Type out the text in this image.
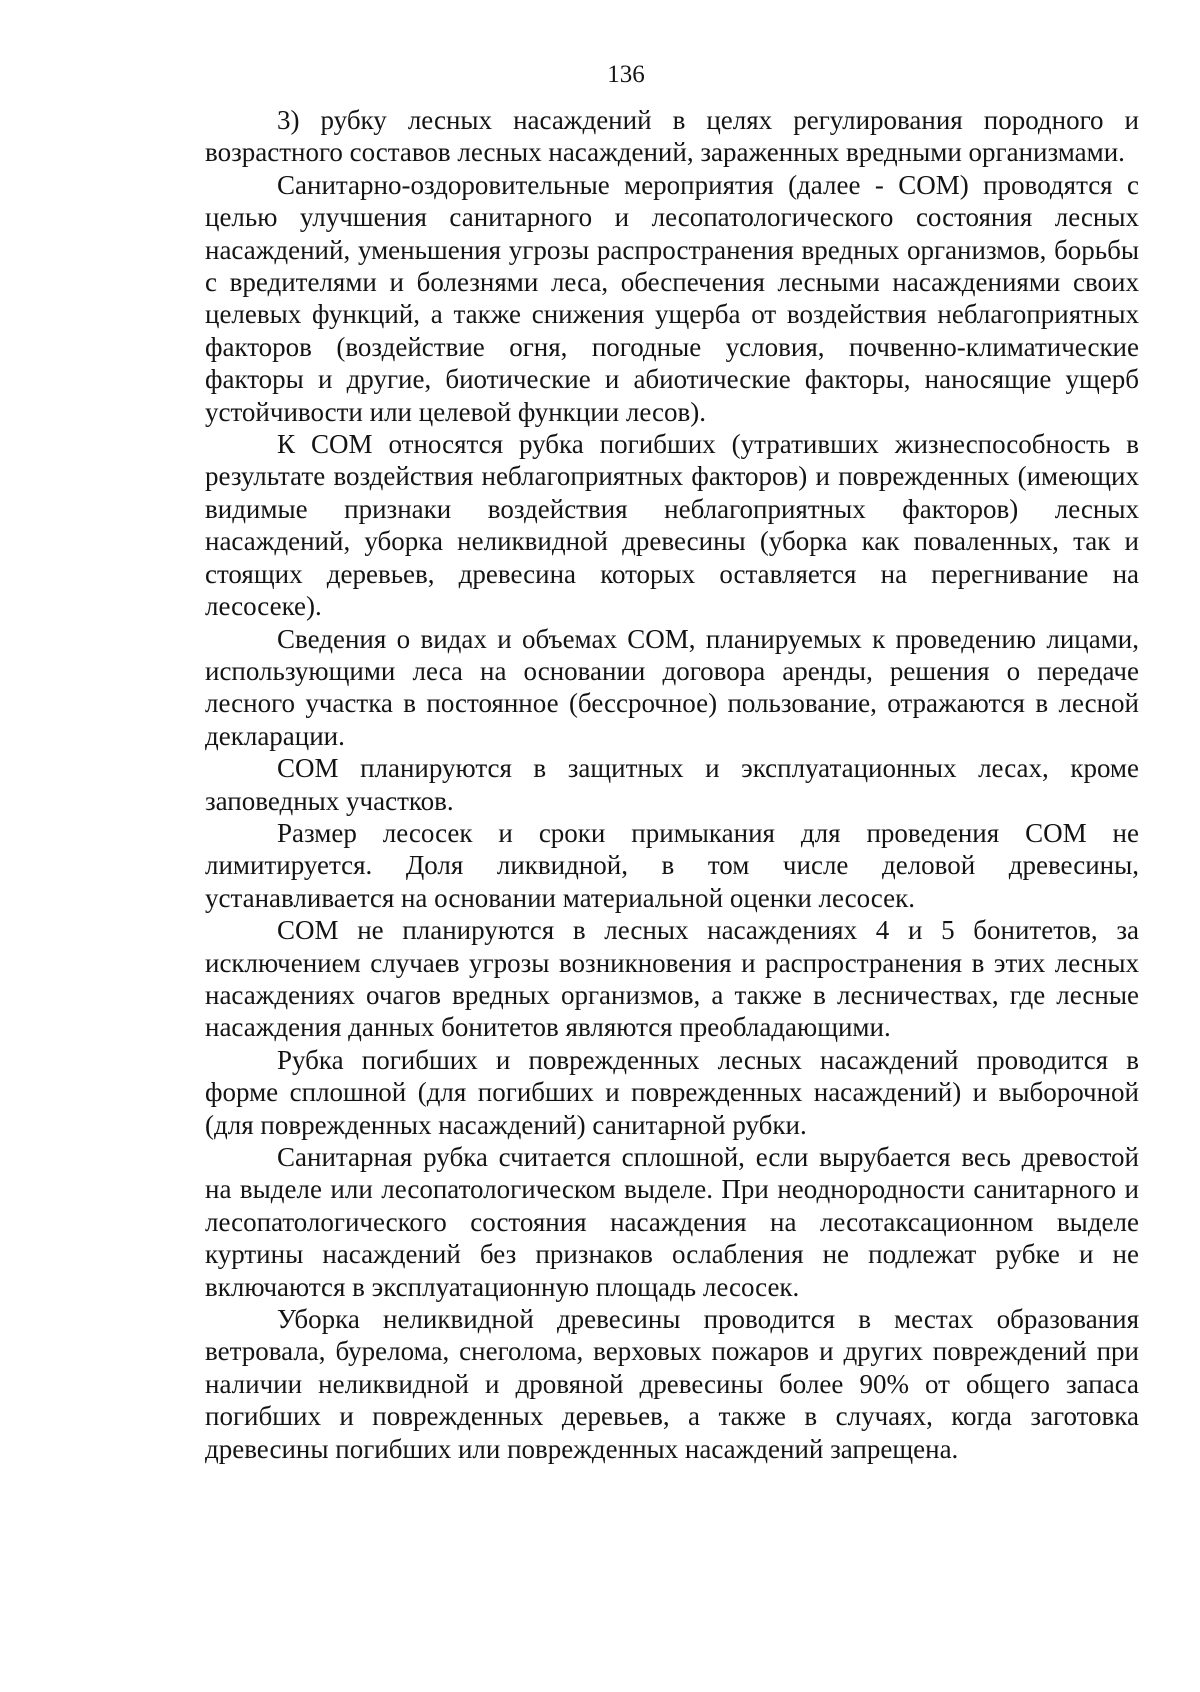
136

3) рубку лесных насаждений в целях регулирования породного и возрастного составов лесных насаждений, зараженных вредными организмами.

Санитарно-оздоровительные мероприятия (далее - СОМ) проводятся с целью улучшения санитарного и лесопатологического состояния лесных насаждений, уменьшения угрозы распространения вредных организмов, борьбы с вредителями и болезнями леса, обеспечения лесными насаждениями своих целевых функций, а также снижения ущерба от воздействия неблагоприятных факторов (воздействие огня, погодные условия, почвенно-климатические факторы и другие, биотические и абиотические факторы, наносящие ущерб устойчивости или целевой функции лесов).

К СОМ относятся рубка погибших (утративших жизнеспособность в результате воздействия неблагоприятных факторов) и поврежденных (имеющих видимые признаки воздействия неблагоприятных факторов) лесных насаждений, уборка неликвидной древесины (уборка как поваленных, так и стоящих деревьев, древесина которых оставляется на перегнивание на лесосеке).

Сведения о видах и объемах СОМ, планируемых к проведению лицами, использующими леса на основании договора аренды, решения о передаче лесного участка в постоянное (бессрочное) пользование, отражаются в лесной декларации.

СОМ планируются в защитных и эксплуатационных лесах, кроме заповедных участков.

Размер лесосек и сроки примыкания для проведения СОМ не лимитируется. Доля ликвидной, в том числе деловой древесины, устанавливается на основании материальной оценки лесосек.

СОМ не планируются в лесных насаждениях 4 и 5 бонитетов, за исключением случаев угрозы возникновения и распространения в этих лесных насаждениях очагов вредных организмов, а также в лесничествах, где лесные насаждения данных бонитетов являются преобладающими.

Рубка погибших и поврежденных лесных насаждений проводится в форме сплошной (для погибших и поврежденных насаждений) и выборочной (для поврежденных насаждений) санитарной рубки.

Санитарная рубка считается сплошной, если вырубается весь древостой на выделе или лесопатологическом выделе. При неоднородности санитарного и лесопатологического состояния насаждения на лесотаксационном выделе куртины насаждений без признаков ослабления не подлежат рубке и не включаются в эксплуатационную площадь лесосек.

Уборка неликвидной древесины проводится в местах образования ветровала, бурелома, снеголома, верховых пожаров и других повреждений при наличии неликвидной и дровяной древесины более 90% от общего запаса погибших и поврежденных деревьев, а также в случаях, когда заготовка древесины погибших или поврежденных насаждений запрещена.
